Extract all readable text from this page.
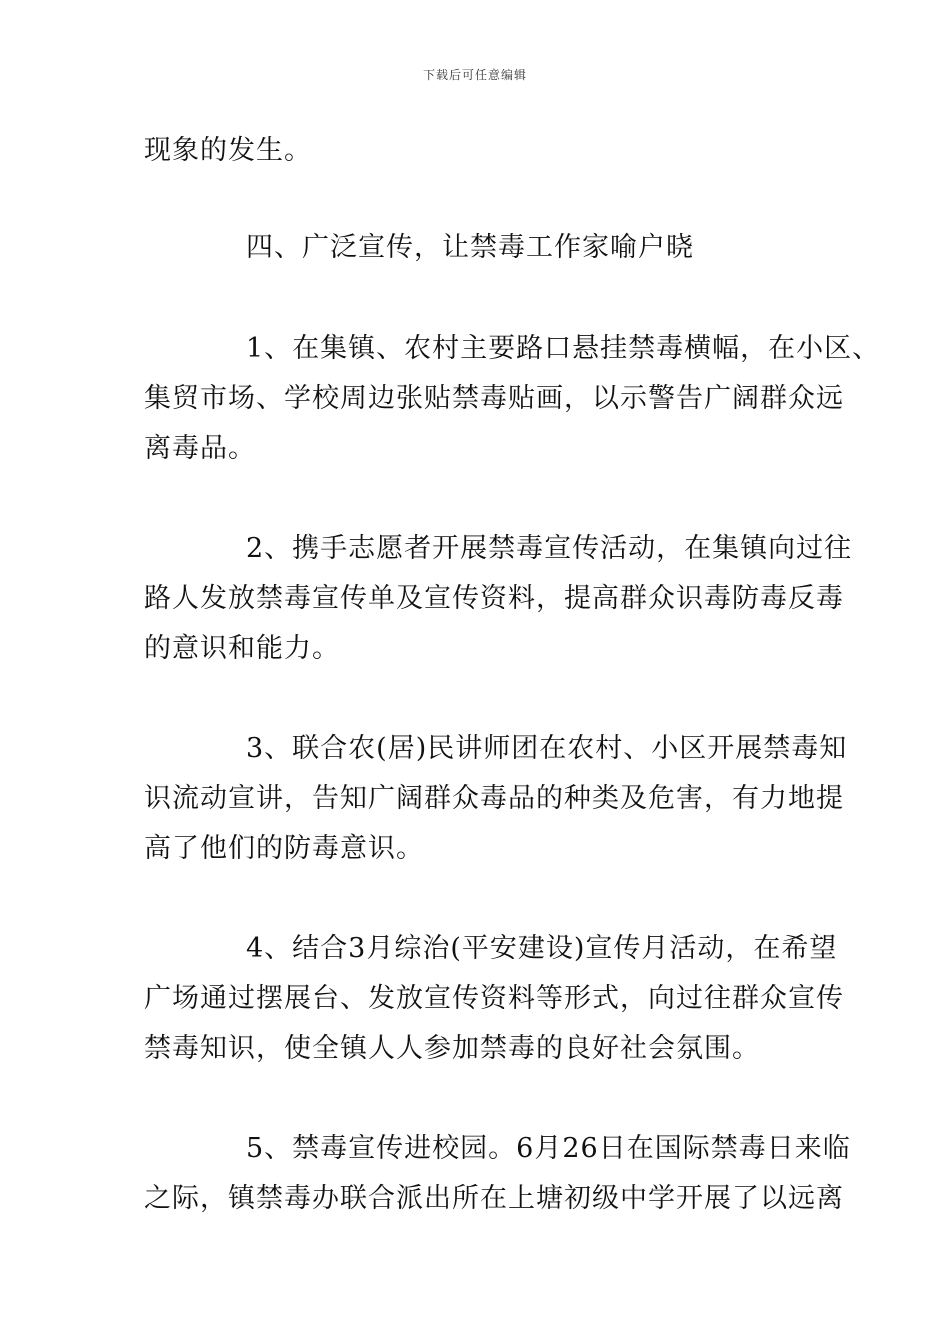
下载后可任意编辑
现象的发生。
四、广泛宣传，让禁毒工作家喻户晓
1、在集镇、农村主要路口悬挂禁毒横幅，在小区、
集贸市场、学校周边张贴禁毒贴画，以示警告广阔群众远
离毒品。
2、携手志愿者开展禁毒宣传活动，在集镇向过往
路人发放禁毒宣传单及宣传资料，提高群众识毒防毒反毒
的意识和能力。
3、联合农(居)民讲师团在农村、小区开展禁毒知
识流动宣讲，告知广阔群众毒品的种类及危害，有力地提
高了他们的防毒意识。
4、结合3月综治(平安建设)宣传月活动，在希望
广场通过摆展台、发放宣传资料等形式，向过往群众宣传
禁毒知识，使全镇人人参加禁毒的良好社会氛围。
5、禁毒宣传进校园。6月26日在国际禁毒日来临
之际，镇禁毒办联合派出所在上塘初级中学开展了以远离
